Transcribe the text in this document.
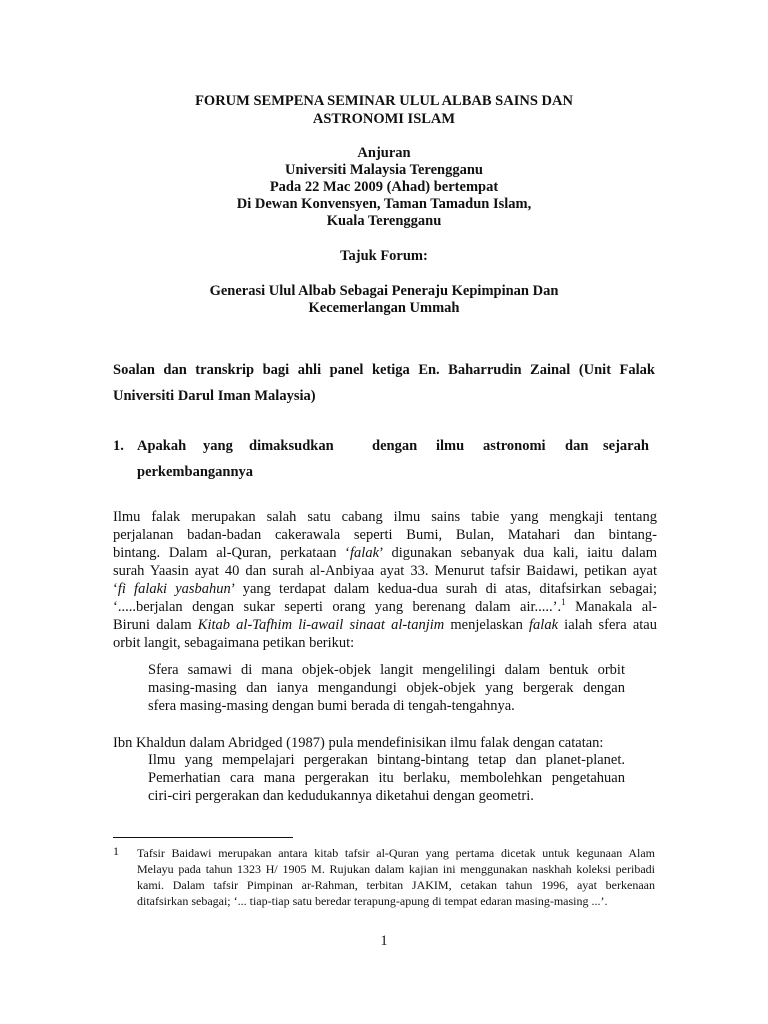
FORUM SEMPENA SEMINAR ULUL ALBAB SAINS DAN
ASTRONOMI ISLAM
Anjuran
Universiti Malaysia Terengganu
Pada 22 Mac 2009 (Ahad) bertempat
Di Dewan Konvensyen, Taman Tamadun Islam,
Kuala Terengganu
Tajuk Forum:
Generasi Ulul Albab Sebagai Peneraju Kepimpinan Dan
Kecemerlangan Ummah
Soalan dan transkrip bagi ahli panel ketiga En. Baharrudin Zainal (Unit Falak
Universiti Darul Iman Malaysia)
1. Apakah yang dimaksudkan	dengan ilmu astronomi dan sejarah
perkembangannya
Ilmu falak merupakan salah satu cabang ilmu sains tabie yang mengkaji tentang
perjalanan badan-badan cakerawala seperti Bumi, Bulan, Matahari dan bintang-
bintang. Dalam al-Quran, perkataan ‘falak’ digunakan sebanyak dua kali, iaitu dalam
surah Yaasin ayat 40 dan surah al-Anbiyaa ayat 33. Menurut tafsir Baidawi, petikan ayat
‘fi falaki yasbahun’ yang terdapat dalam kedua-dua surah di atas, ditafsirkan sebagai;
‘.....berjalan dengan sukar seperti orang yang berenang dalam air.....’.$^1$ Manakala al-
Biruni dalam Kitab al-Tafhim li-awail sinaat al-tanjim menjelaskan falak ialah sfera atau
orbit langit, sebagaimana petikan berikut:
Sfera samawi di mana objek-objek langit mengelilingi dalam bentuk orbit
masing-masing dan ianya mengandungi objek-objek yang bergerak dengan
sfera masing-masing dengan bumi berada di tengah-tengahnya.
Ibn Khaldun dalam Abridged (1987) pula mendefinisikan ilmu falak dengan catatan:
Ilmu yang mempelajari pergerakan bintang-bintang tetap dan planet-planet.
Pemerhatian cara mana pergerakan itu berlaku, membolehkan pengetahuan
ciri-ciri pergerakan dan kedudukannya diketahui dengan geometri.
1 Tafsir Baidawi merupakan antara kitab tafsir al-Quran yang pertama dicetak untuk kegunaan Alam
Melayu pada tahun 1323 H/ 1905 M. Rujukan dalam kajian ini menggunakan naskhah koleksi peribadi
kami. Dalam tafsir Pimpinan ar-Rahman, terbitan JAKIM, cetakan tahun 1996, ayat berkenaan
ditafsirkan sebagai; ‘... tiap-tiap satu beredar terapung-apung di tempat edaran masing-masing ...’.
1
